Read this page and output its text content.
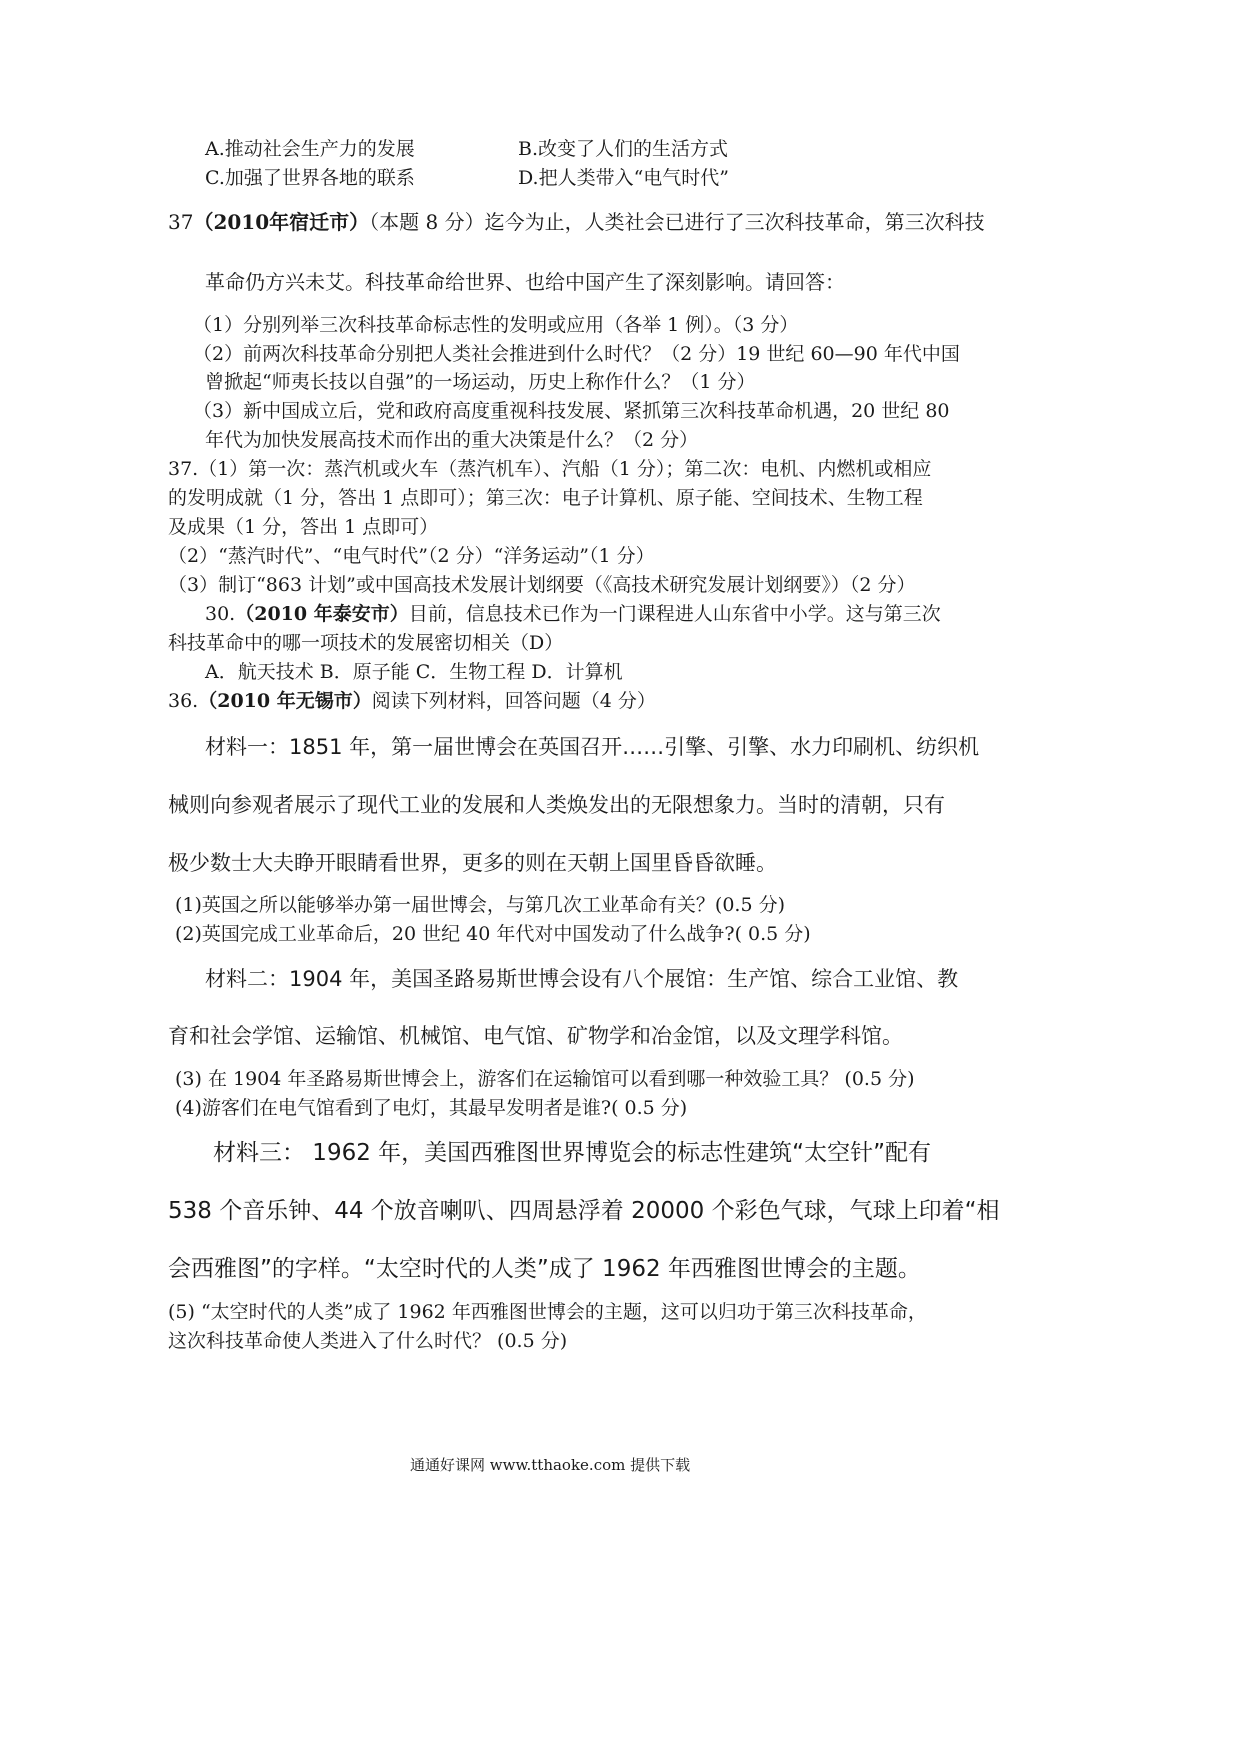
A.推动社会生产力的发展	B.改变了人们的生活方式
C.加强了世界各地的联系	D.把人类带入“电气时代”
37（2010年宿迁市）（本题 8 分）迄今为止，人类社会已进行了三次科技革命，第三次科技
革命仍方兴未艾。科技革命给世界、也给中国产生了深刻影响。请回答：
（1）分别列举三次科技革命标志性的发明或应用（各举 1 例）。（3 分）
（2）前两次科技革命分别把人类社会推进到什么时代？（2 分）19 世纪 60—90 年代中国
曾掀起“师夷长技以自强”的一场运动，历史上称作什么？（1 分）
（3）新中国成立后，党和政府高度重视科技发展、紧抓第三次科技革命机遇，20 世纪 80
年代为加快发展高技术而作出的重大决策是什么？（2 分）
37.（1）第一次：蒸汽机或火车（蒸汽机车）、汽船（1 分）；第二次：电机、内燃机或相应
的发明成就（1 分，答出 1 点即可）；第三次：电子计算机、原子能、空间技术、生物工程
及成果（1 分，答出 1 点即可）
（2）“蒸汽时代”、“电气时代”（2 分）“洋务运动”（1 分）
（3）制订“863 计划”或中国高技术发展计划纲要（《高技术研究发展计划纲要》）（2 分）
30.（2010 年泰安市）目前，信息技术已作为一门课程进人山东省中小学。这与第三次
科技革命中的哪一项技术的发展密切相关（D）
A．航天技术 B．原子能 C．生物工程 D．计算机
36.（2010 年无锡市）阅读下列材料，回答问题（4 分）
材料一：1851 年，第一届世博会在英国召开……引擎、引擎、水力印刷机、纺织机
械则向参观者展示了现代工业的发展和人类焕发出的无限想象力。当时的清朝，只有
极少数士大夫睁开眼睛看世界，更多的则在天朝上国里昏昏欲睡。
(1)英国之所以能够举办第一届世博会，与第几次工业革命有关？(0.5 分)
(2)英国完成工业革命后，20 世纪 40 年代对中国发动了什么战争?( 0.5 分)
材料二：1904 年，美国圣路易斯世博会设有八个展馆：生产馆、综合工业馆、教
育和社会学馆、运输馆、机械馆、电气馆、矿物学和冶金馆，以及文理学科馆。
(3) 在 1904 年圣路易斯世博会上，游客们在运输馆可以看到哪一种效验工具？ (0.5 分)
(4)游客们在电气馆看到了电灯，其最早发明者是谁?( 0.5 分)
材料三： 1962 年，美国西雅图世界博览会的标志性建筑“太空针”配有
538 个音乐钟、44 个放音喇叭、四周悬浮着 20000 个彩色气球，气球上印着“相
会西雅图”的字样。“太空时代的人类”成了 1962 年西雅图世博会的主题。
(5) “太空时代的人类”成了 1962 年西雅图世博会的主题，这可以归功于第三次科技革命，
这次科技革命使人类进入了什么时代？ (0.5 分)
通通好课网 www.tthaoke.com 提供下载
